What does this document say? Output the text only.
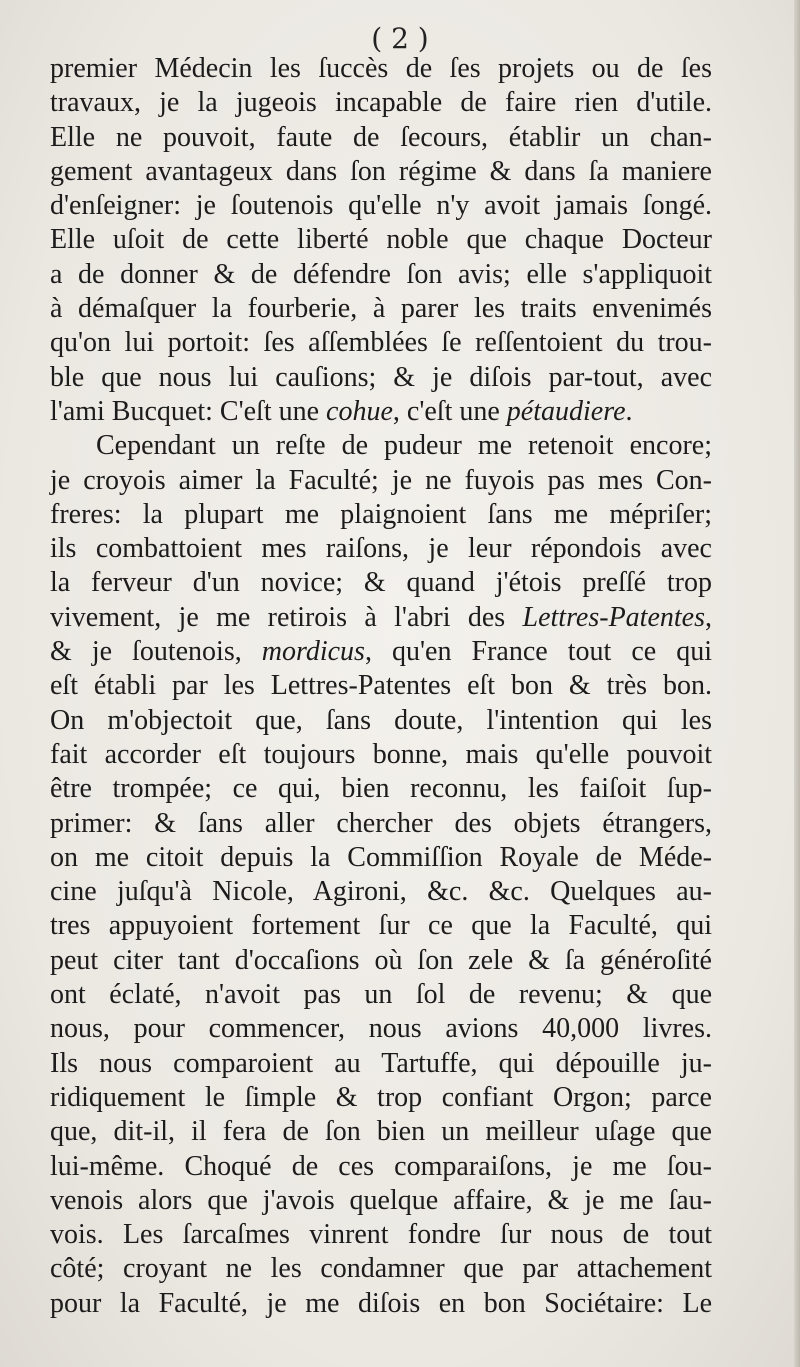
( 2 )
premier Médecin les ſuccès de ſes projets ou de ſes
travaux, je la jugeois incapable de faire rien d'utile.
Elle ne pouvoit, faute de ſecours, établir un chan-
gement avantageux dans ſon régime & dans ſa maniere
d'enſeigner: je ſoutenois qu'elle n'y avoit jamais ſongé.
Elle uſoit de cette liberté noble que chaque Docteur
a de donner & de défendre ſon avis; elle s'appliquoit
à démaſquer la fourberie, à parer les traits envenimés
qu'on lui portoit: ſes aſſemblées ſe reſſentoient du trou-
ble que nous lui cauſions; & je diſois par-tout, avec
l'ami Bucquet: C'eſt une cohue, c'eſt une pétaudiere.
Cependant un reſte de pudeur me retenoit encore;
je croyois aimer la Faculté; je ne fuyois pas mes Con-
freres: la plupart me plaignoient ſans me mépriſer;
ils combattoient mes raiſons, je leur répondois avec
la ferveur d'un novice; & quand j'étois preſſé trop
vivement, je me retirois à l'abri des Lettres-Patentes,
& je ſoutenois, mordicus, qu'en France tout ce qui
eſt établi par les Lettres-Patentes eſt bon & très bon.
On m'objectoit que, ſans doute, l'intention qui les
fait accorder eſt toujours bonne, mais qu'elle pouvoit
être trompée; ce qui, bien reconnu, les faiſoit ſup-
primer: & ſans aller chercher des objets étrangers,
on me citoit depuis la Commiſſion Royale de Méde-
cine juſqu'à Nicole, Agironi, &c. &c. Quelques au-
tres appuyoient fortement ſur ce que la Faculté, qui
peut citer tant d'occaſions où ſon zele & ſa généroſité
ont éclaté, n'avoit pas un ſol de revenu; & que
nous, pour commencer, nous avions 40,000 livres.
Ils nous comparoient au Tartuffe, qui dépouille ju-
ridiquement le ſimple & trop confiant Orgon; parce
que, dit-il, il fera de ſon bien un meilleur uſage que
lui-même. Choqué de ces comparaiſons, je me ſou-
venois alors que j'avois quelque affaire, & je me ſau-
vois. Les ſarcaſmes vinrent fondre ſur nous de tout
côté; croyant ne les condamner que par attachement
pour la Faculté, je me diſois en bon Sociétaire: Le
